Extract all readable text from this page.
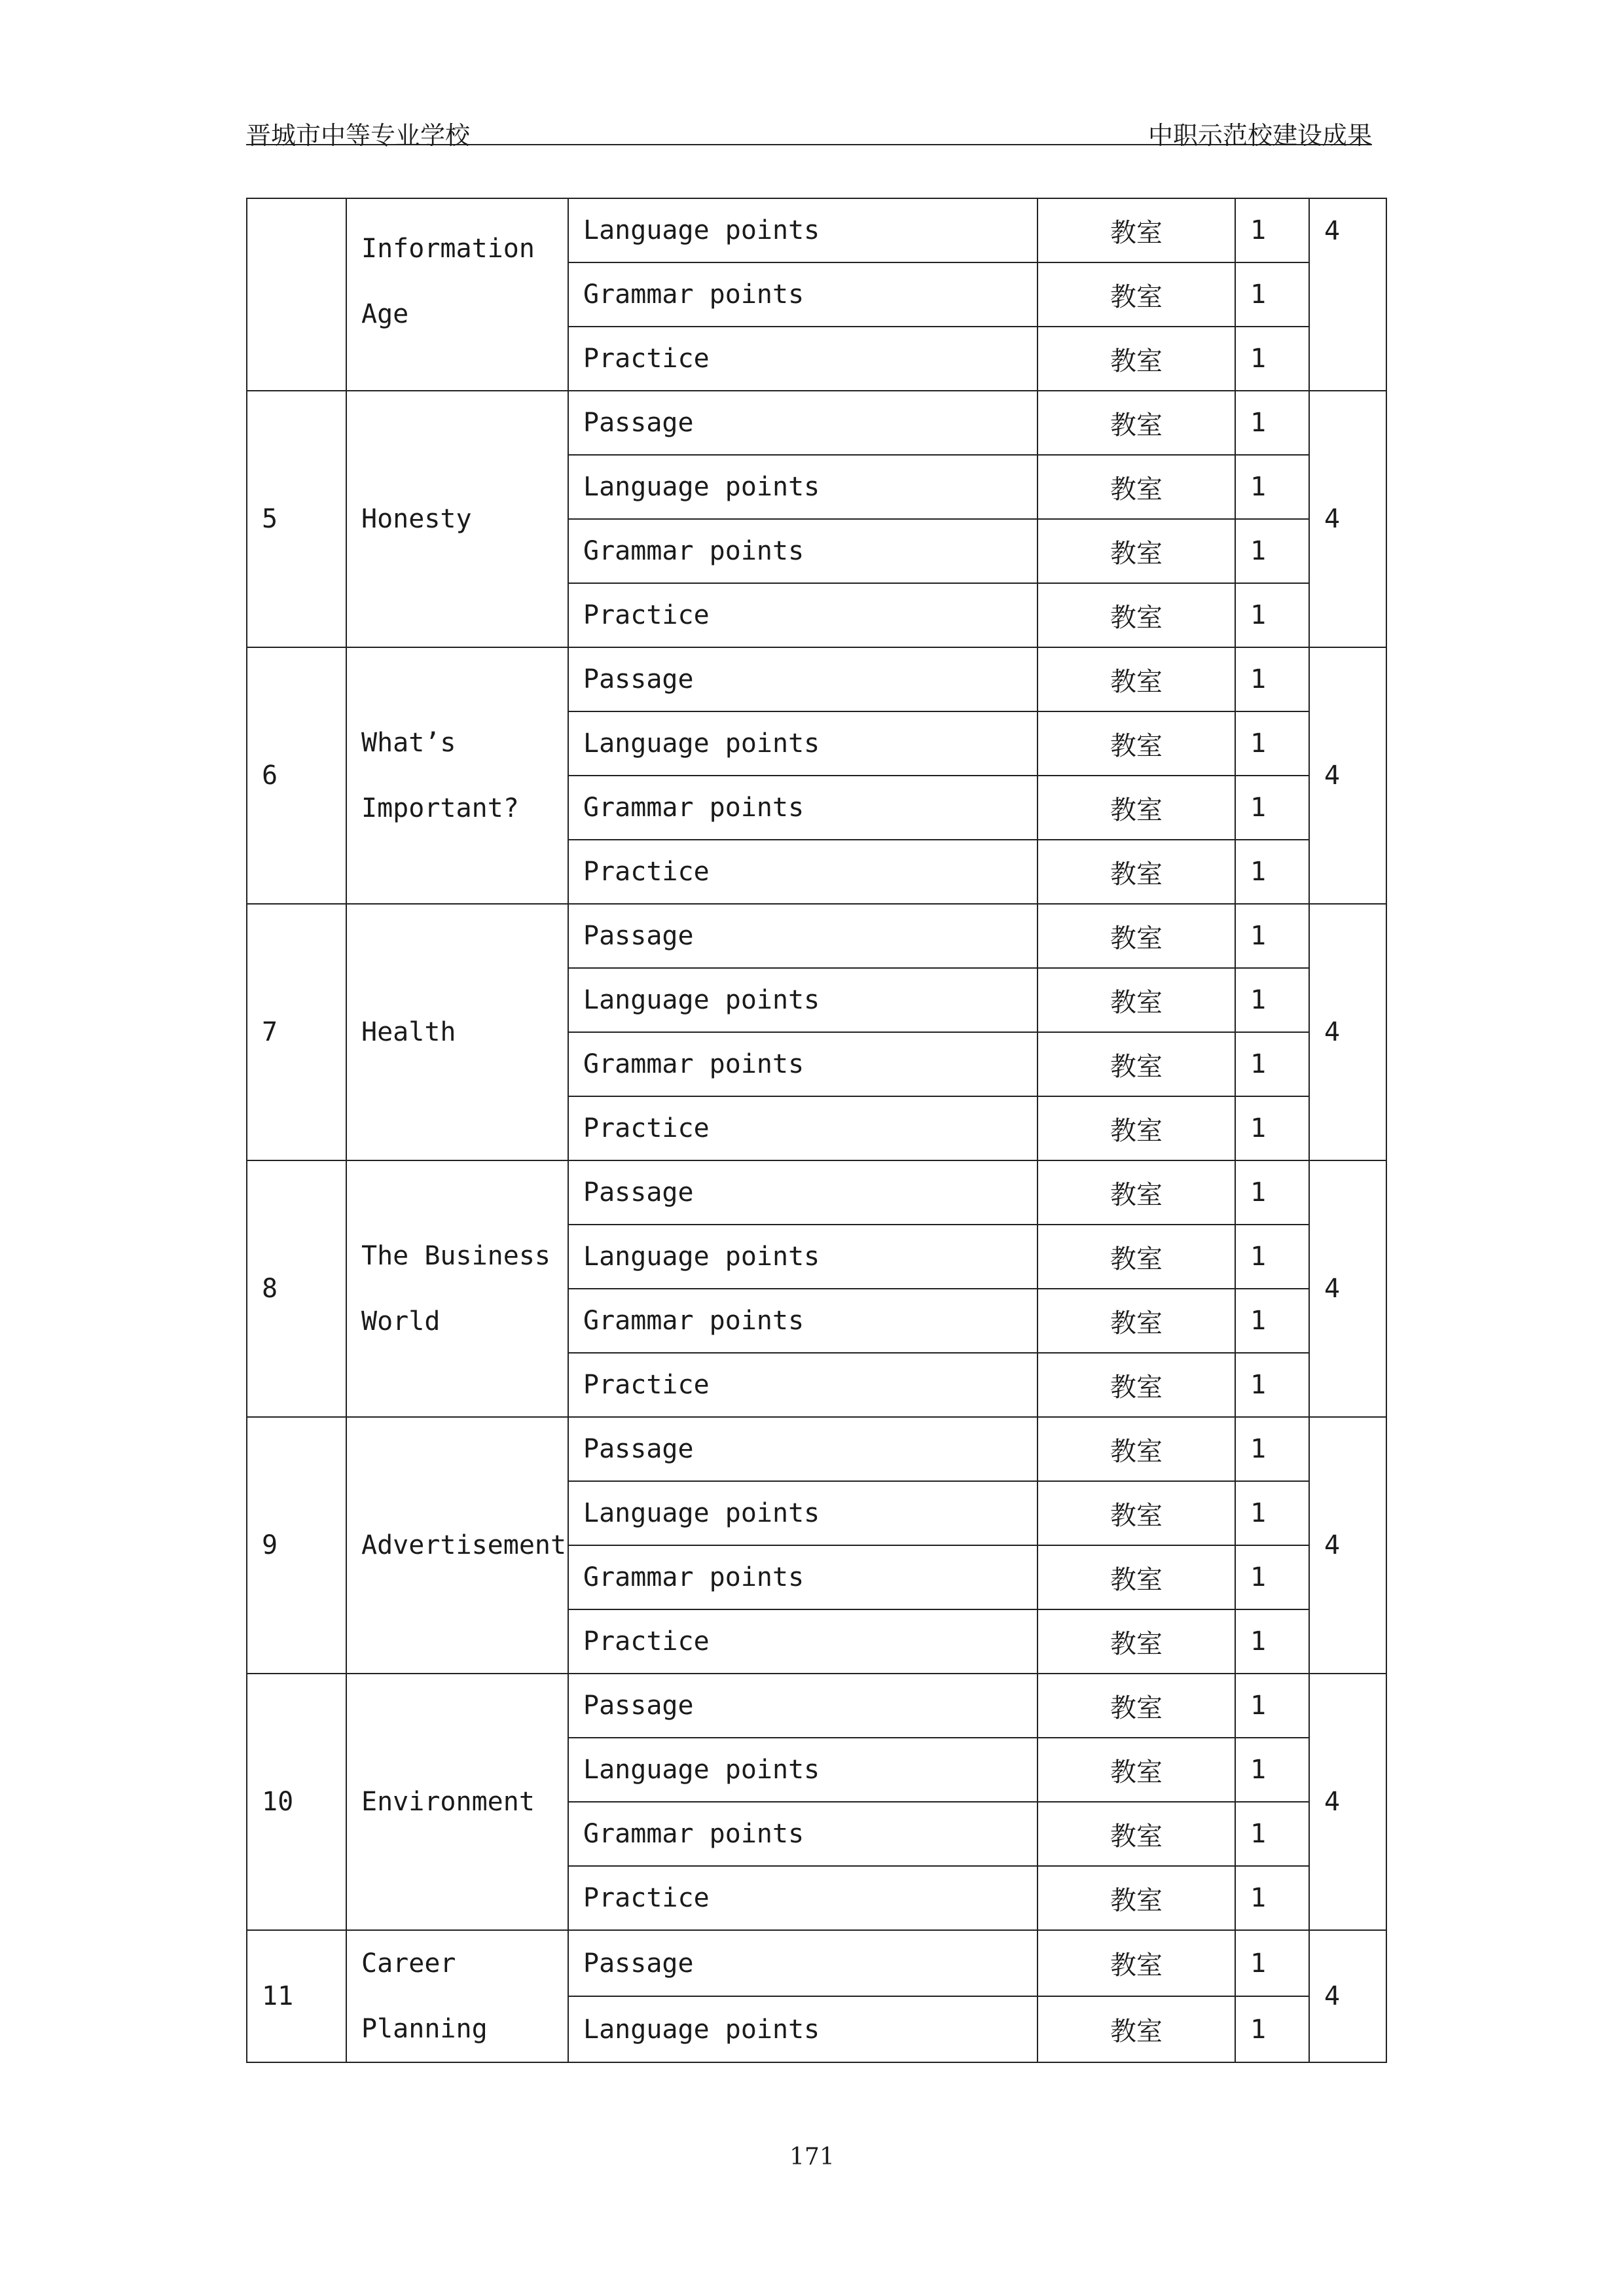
晋城市中等专业学校	中职示范校建设成果
	Information Age	Language points	教室	1	4
		Grammar points	教室	1	
		Practice	教室	1	
5	Honesty	Passage	教室	1	4
		Language points	教室	1	
		Grammar points	教室	1	
		Practice	教室	1	
6	What’s Important?	Passage	教室	1	4
		Language points	教室	1	
		Grammar points	教室	1	
		Practice	教室	1	
7	Health	Passage	教室	1	4
		Language points	教室	1	
		Grammar points	教室	1	
		Practice	教室	1	
8	The Business World	Passage	教室	1	4
		Language points	教室	1	
		Grammar points	教室	1	
		Practice	教室	1	
9	Advertisement	Passage	教室	1	4
		Language points	教室	1	
		Grammar points	教室	1	
		Practice	教室	1	
10	Environment	Passage	教室	1	4
		Language points	教室	1	
		Grammar points	教室	1	
		Practice	教室	1	
11	Career Planning	Passage	教室	1	4
		Language points	教室	1	
171
